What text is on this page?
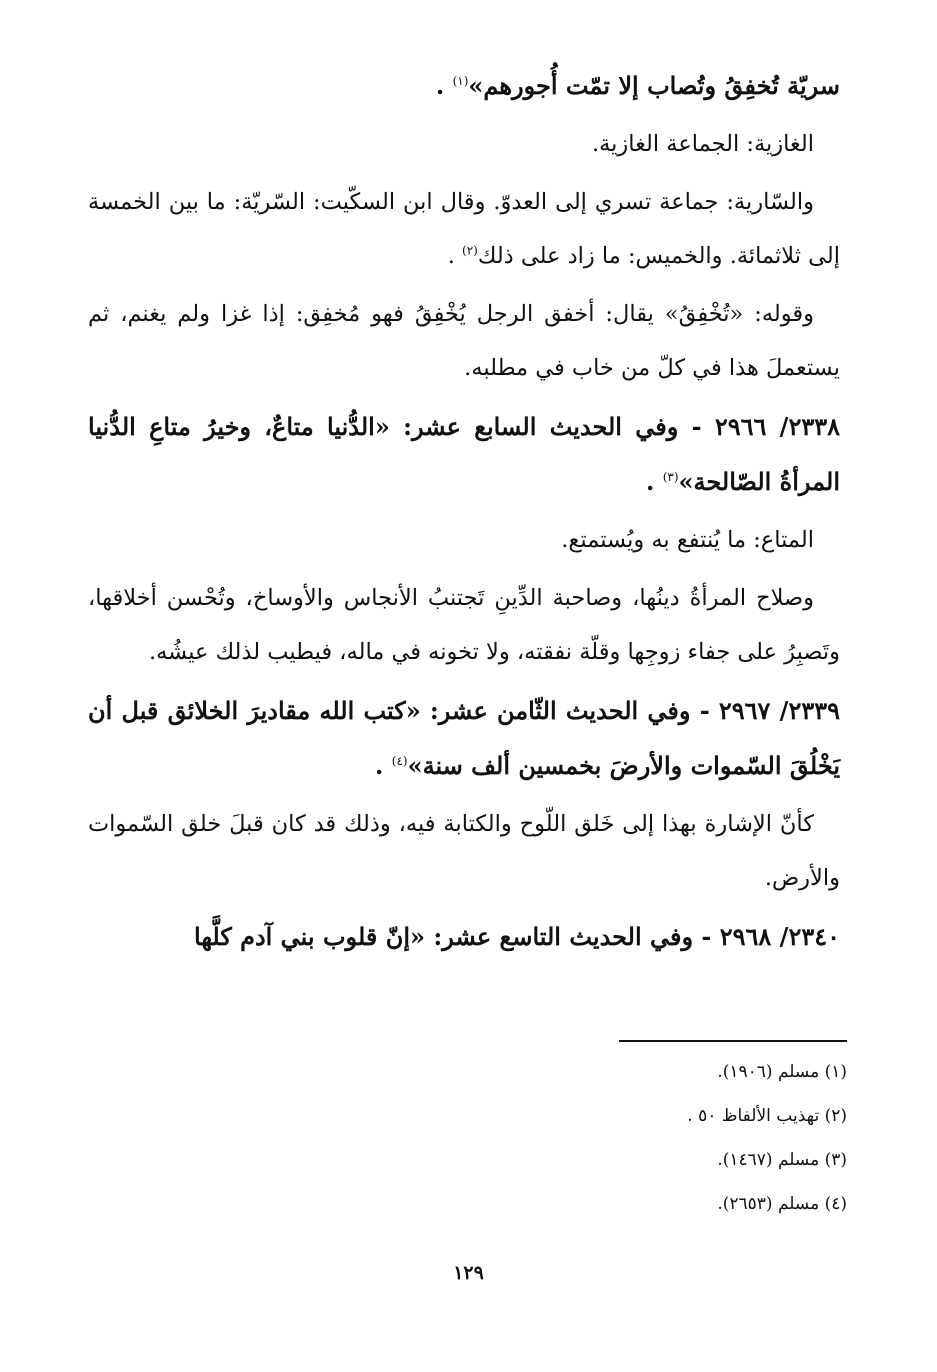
سريّة تُخفِقُ وتُصاب إلا تمّت أُجورهم»$^{(١)}$ .

الغازية: الجماعة الغازية.

والسّارية: جماعة تسري إلى العدوّ. وقال ابن السكّيت: السّريّة: ما بين الخمسة إلى ثلاثمائة. والخميس: ما زاد على ذلك$^{(٢)}$ .

وقوله: «تُخْفِقُ» يقال: أخفق الرجل يُخْفِقُ فهو مُخفِق: إذا غزا ولم يغنم، ثم يستعملَ هذا في كلّ من خاب في مطلبه.

٢٣٣٨/ ٢٩٦٦ - وفي الحديث السابع عشر: «الدُّنيا متاعٌ، وخيرُ متاعِ الدُّنيا المرأةُ الصّالحة»$^{(٣)}$ .

المتاع: ما يُنتفع به ويُستمتع.

وصلاح المرأةُ دينُها، وصاحبة الدِّينِ تَجتنبُ الأنجاس والأوساخ، وتُحْسن أخلاقها، وتَصبِرُ على جفاء زوجِها وقلّة نفقته، ولا تخونه في ماله، فيطيب لذلك عيشُه.

٢٣٣٩/ ٢٩٦٧ - وفي الحديث الثّامن عشر: «كتب الله مقاديرَ الخلائق قبل أن يَخْلُقَ السّموات والأرضَ بخمسين ألف سنة»$^{(٤)}$ .

كأنّ الإشارة بهذا إلى خَلق اللّوح والكتابة فيه، وذلك قد كان قبلَ خلق السّموات والأرض.

٢٣٤٠/ ٢٩٦٨ - وفي الحديث التاسع عشر: «إنّ قلوب بني آدم كلَّها

(١) مسلم (١٩٠٦).
(٢) تهذيب الألفاظ ٥٠ .
(٣) مسلم (١٤٦٧).
(٤) مسلم (٢٦٥٣).
١٢٩
